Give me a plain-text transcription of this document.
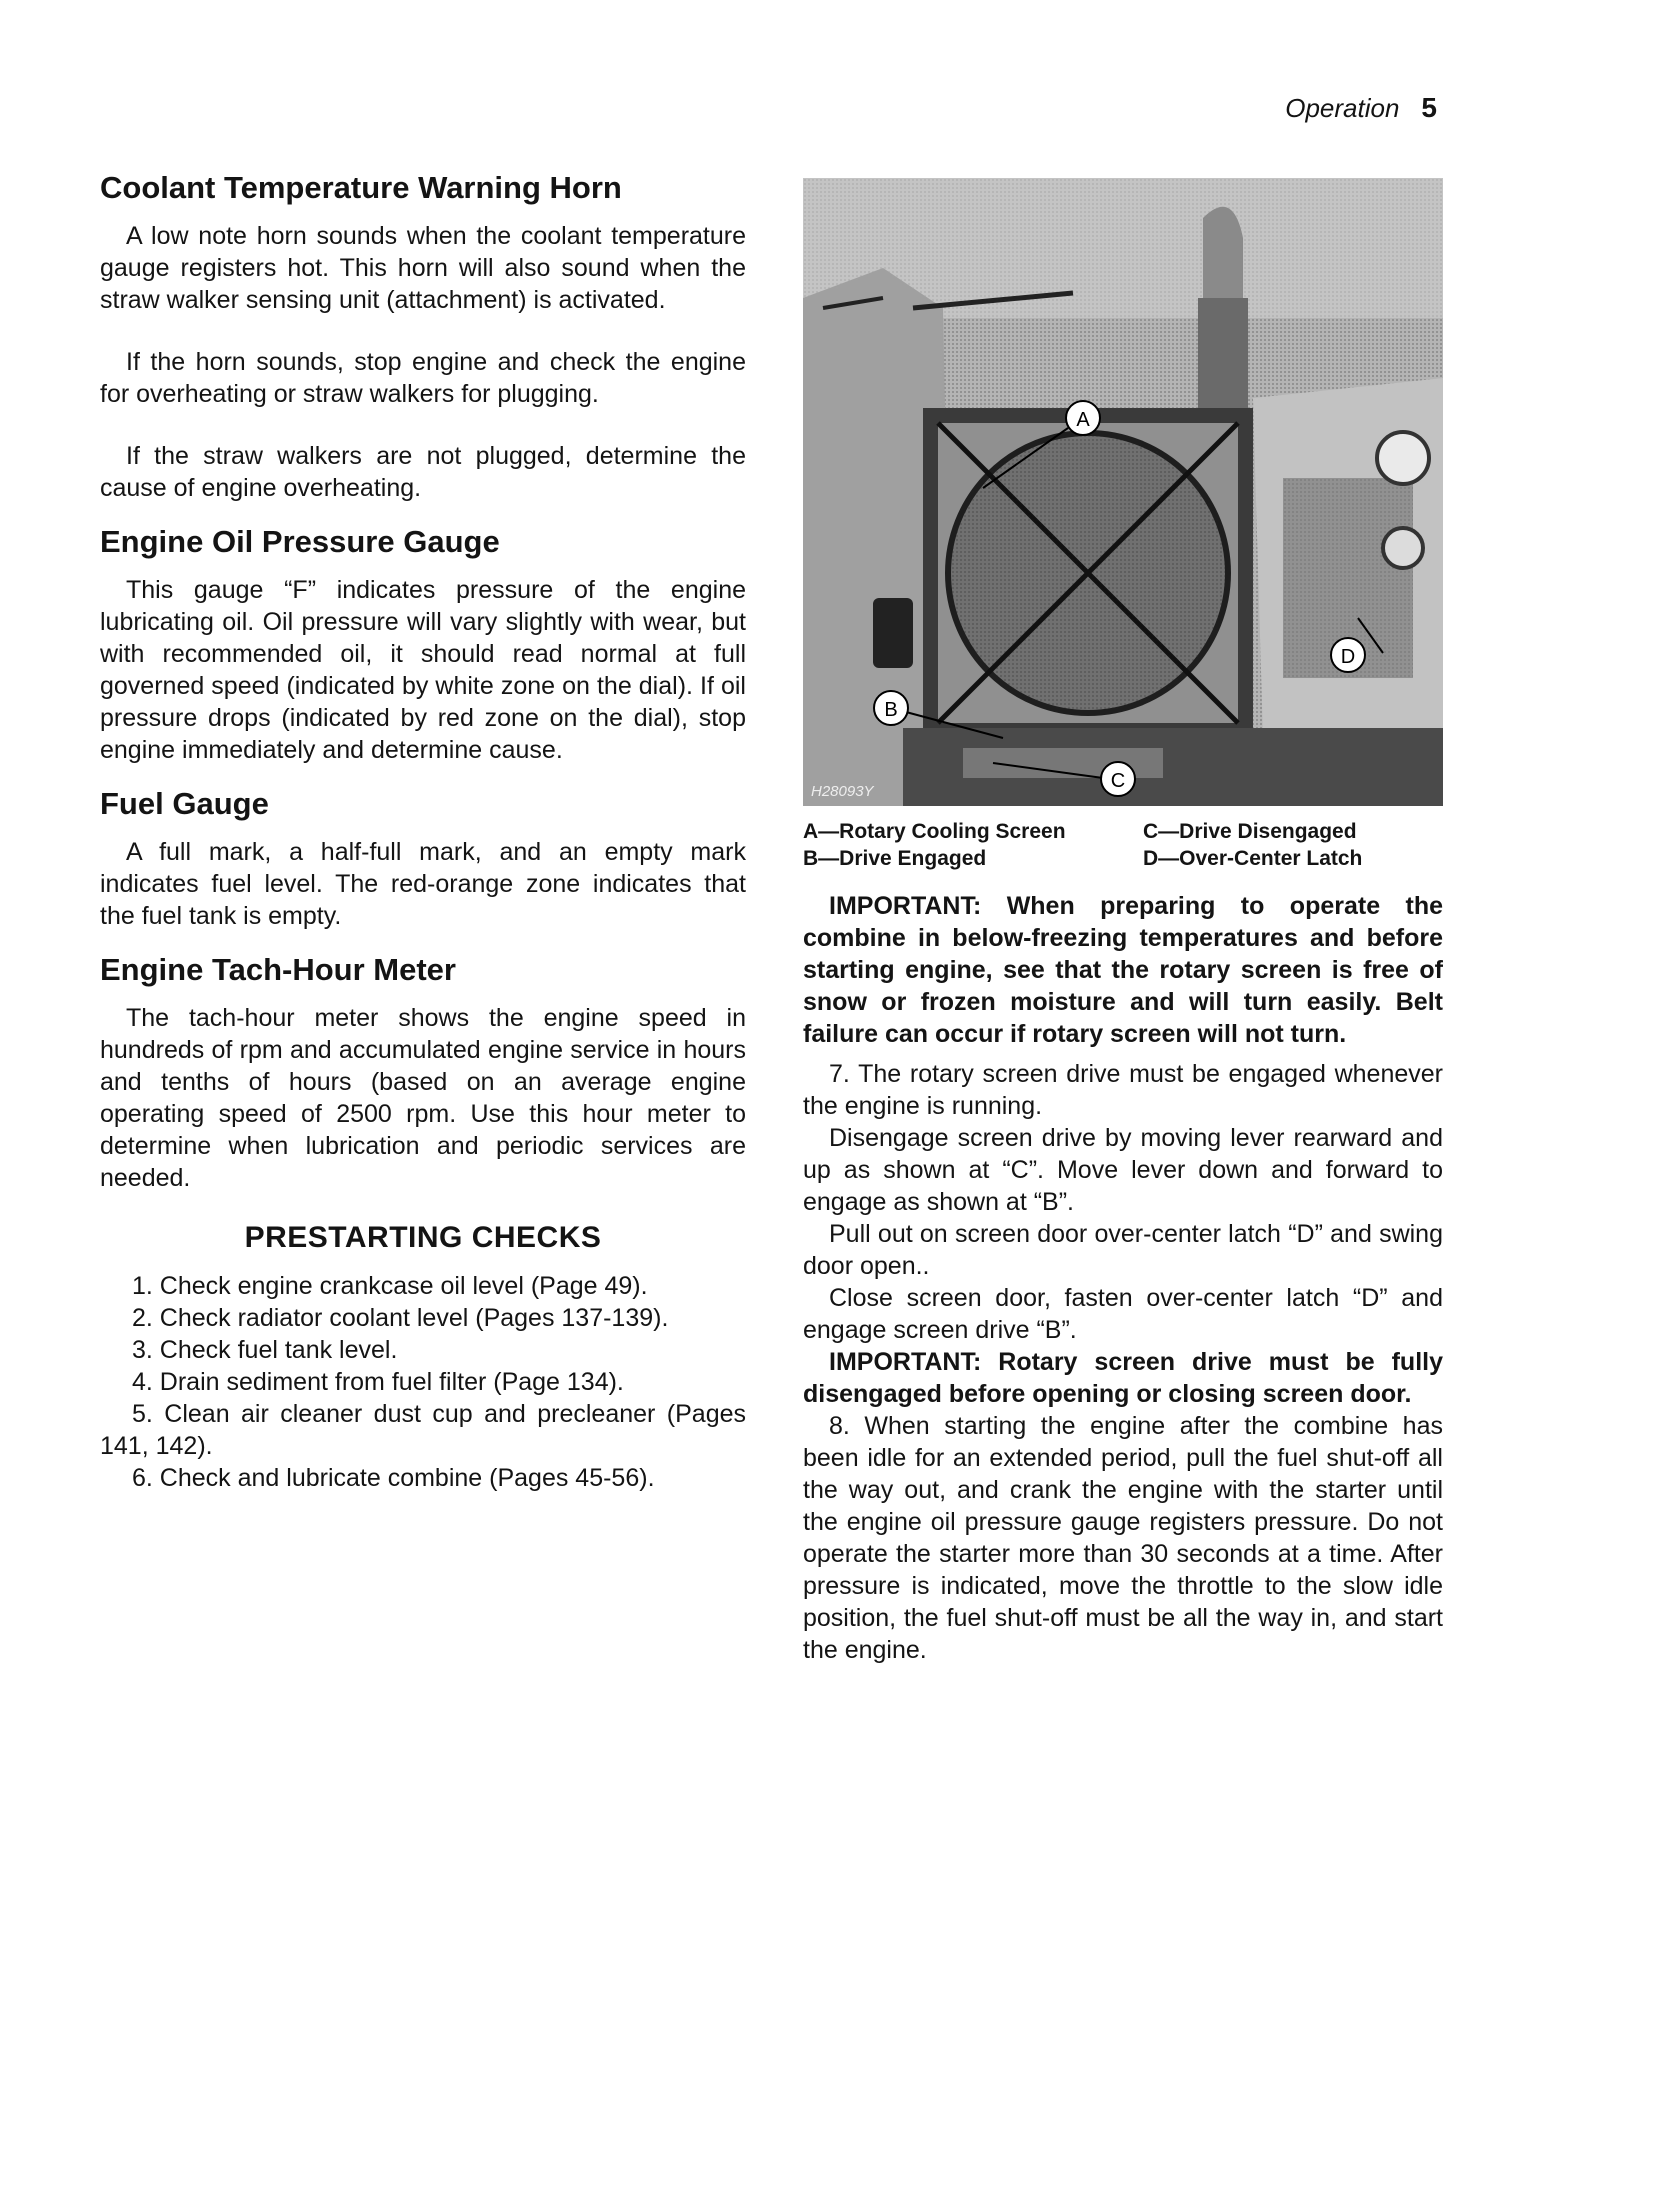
Operation 5
Coolant Temperature Warning Horn

A low note horn sounds when the coolant temperature gauge registers hot. This horn will also sound when the straw walker sensing unit (attachment) is activated.

If the horn sounds, stop engine and check the engine for overheating or straw walkers for plugging.

If the straw walkers are not plugged, determine the cause of engine overheating.

Engine Oil Pressure Gauge

This gauge “F” indicates pressure of the engine lubricating oil. Oil pressure will vary slightly with wear, but with recommended oil, it should read normal at full governed speed (indicated by white zone on the dial). If oil pressure drops (indicated by red zone on the dial), stop engine immediately and determine cause.

Fuel Gauge

A full mark, a half-full mark, and an empty mark indicates fuel level. The red-orange zone indicates that the fuel tank is empty.

Engine Tach-Hour Meter

The tach-hour meter shows the engine speed in hundreds of rpm and accumulated engine service in hours and tenths of hours (based on an average engine operating speed of 2500 rpm. Use this hour meter to determine when lubrication and periodic services are needed.

PRESTARTING CHECKS
1. Check engine crankcase oil level (Page 49).
2. Check radiator coolant level (Pages 137-139).
3. Check fuel tank level.
4. Drain sediment from fuel filter (Page 134).
5. Clean air cleaner dust cup and precleaner (Pages 141, 142).
6. Check and lubricate combine (Pages 45-56).
A
B
C
D
H28093Y
A—Rotary Cooling Screen	C—Drive Disengaged
B—Drive Engaged	D—Over-Center Latch

IMPORTANT: When preparing to operate the combine in below-freezing temperatures and before starting engine, see that the rotary screen is free of snow or frozen moisture and will turn easily. Belt failure can occur if rotary screen will not turn.

7. The rotary screen drive must be engaged whenever the engine is running.

Disengage screen drive by moving lever rearward and up as shown at “C”. Move lever down and forward to engage as shown at “B”.

Pull out on screen door over-center latch “D” and swing door open..

Close screen door, fasten over-center latch “D” and engage screen drive “B”.

IMPORTANT: Rotary screen drive must be fully disengaged before opening or closing screen door.

8. When starting the engine after the combine has been idle for an extended period, pull the fuel shut-off all the way out, and crank the engine with the starter until the engine oil pressure gauge registers pressure. Do not operate the starter more than 30 seconds at a time. After pressure is indicated, move the throttle to the slow idle position, the fuel shut-off must be all the way in, and start the engine.
